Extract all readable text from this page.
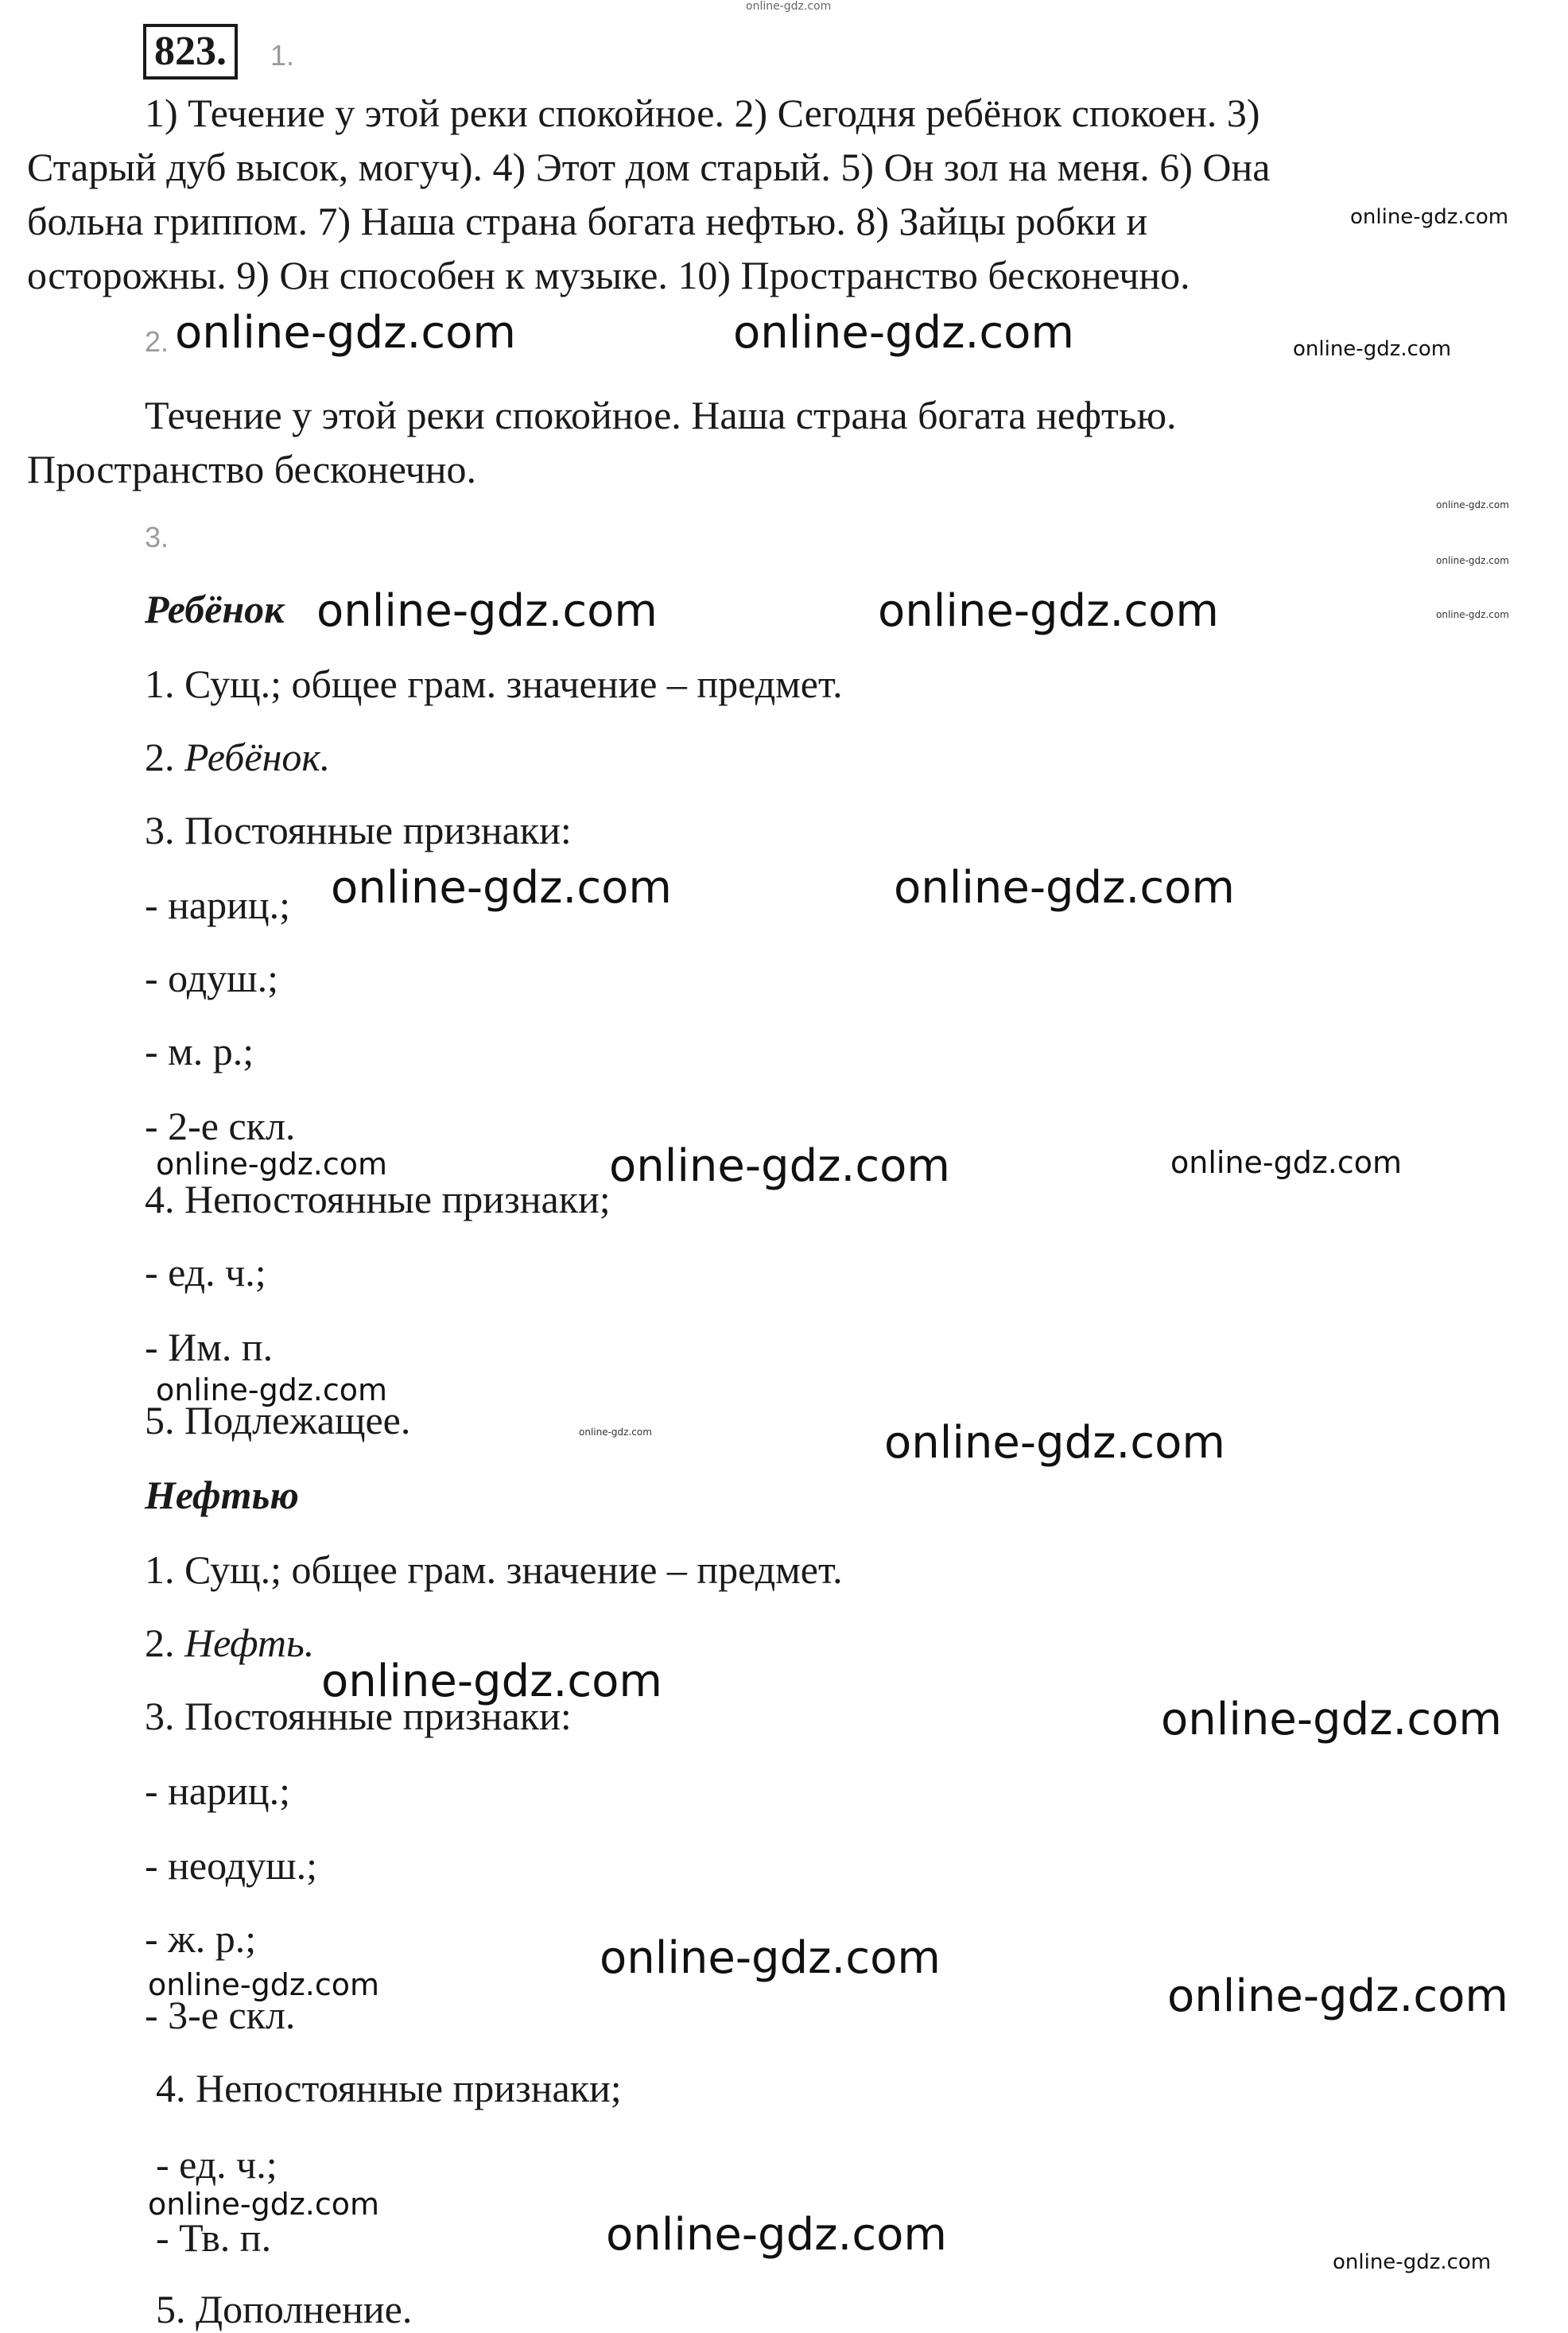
online-gdz.com
823.	1.
1) Течение у этой реки спокойное. 2) Сегодня ребёнок спокоен. 3)
Старый дуб высок, могуч). 4) Этот дом старый. 5) Он зол на меня. 6) Она
больна гриппом. 7) Наша страна богата нефтью. 8) Зайцы робки и
осторожны. 9) Он способен к музыке. 10) Пространство бесконечно.
2.
Течение у этой реки спокойное. Наша страна богата нефтью.
Пространство бесконечно.
3.
Ребёнок
1. Сущ.; общее грам. значение – предмет.
2. Ребёнок.
3. Постоянные признаки:
- нариц.;
- одуш.;
- м. р.;
- 2-е скл.
4. Непостоянные признаки;
- ед. ч.;
- Им. п.
5. Подлежащее.
Нефтью
1. Сущ.; общее грам. значение – предмет.
2. Нефть.
3. Постоянные признаки:
- нариц.;
- неодуш.;
- ж. р.;
- 3-е скл.
4. Непостоянные признаки;
- ед. ч.;
- Тв. п.
5. Дополнение.
online-gdz.com
online-gdz.com	online-gdz.com	online-gdz.com
online-gdz.com
online-gdz.com
online-gdz.com
online-gdz.com	online-gdz.com
online-gdz.com	online-gdz.com
online-gdz.com	online-gdz.com	online-gdz.com
online-gdz.com
online-gdz.com	online-gdz.com
online-gdz.com
online-gdz.com
online-gdz.com
online-gdz.com	online-gdz.com
online-gdz.com
online-gdz.com
online-gdz.com
